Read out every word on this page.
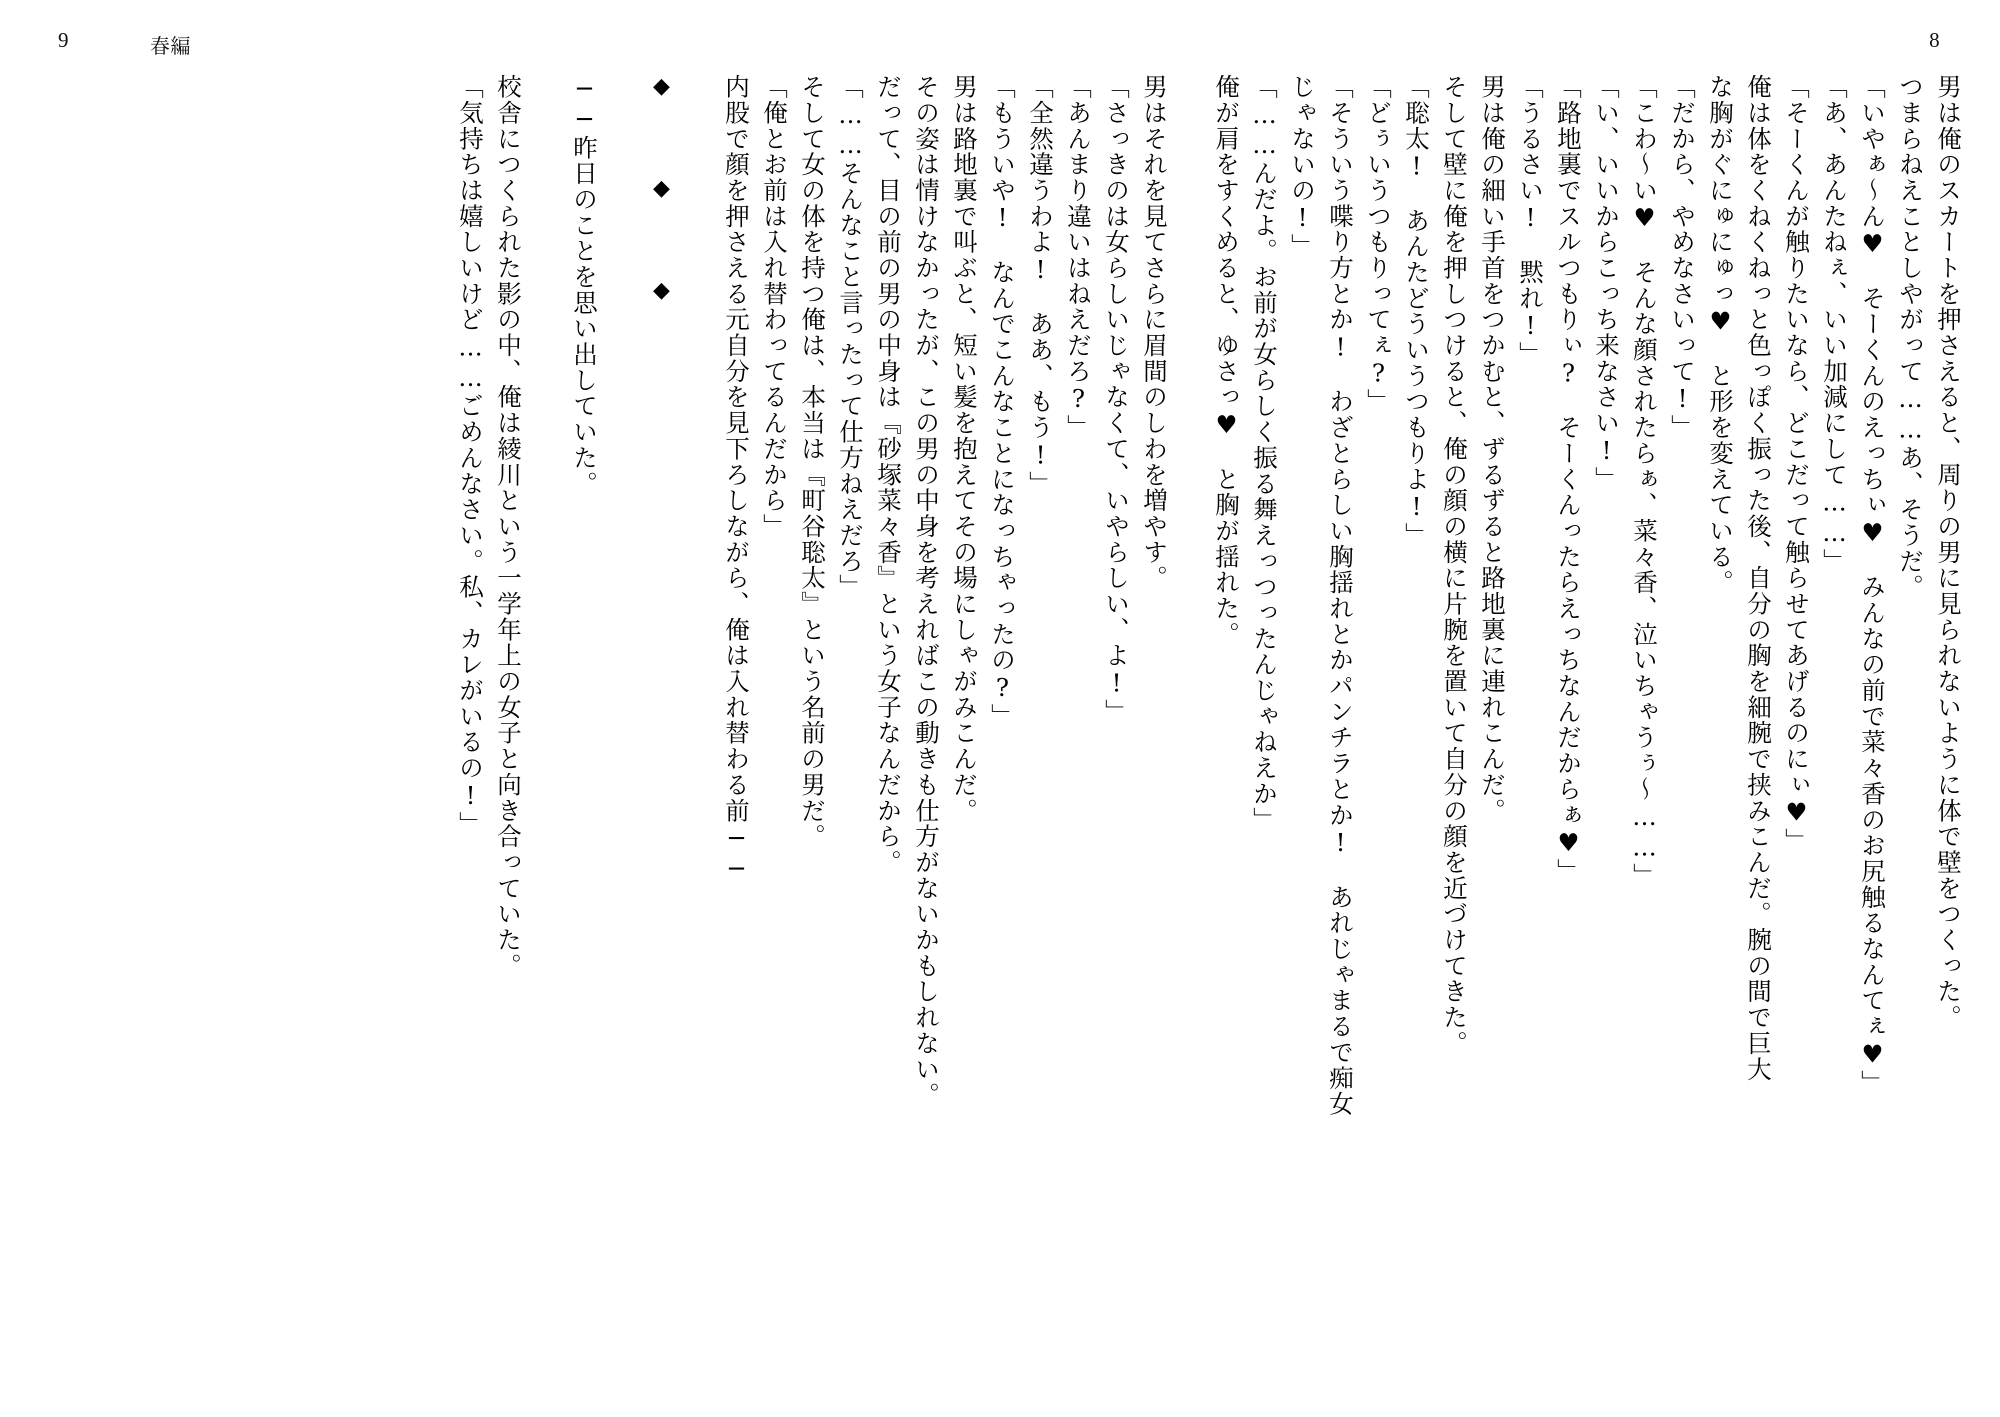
8
9	春編
男は俺のスカートを押さえると、周りの男に見られないように体で壁をつくった。
つまらねえことしやがって……あ、そうだ。
「いやぁ～ん♥　そーくんのえっちぃ♥　みんなの前で菜々香のお尻触るなんてぇ♥」
「あ、あんたねぇ、いい加減にして……」
「そーくんが触りたいなら、どこだって触らせてあげるのにぃ♥」
俺は体をくねくねっと色っぽく振った後、自分の胸を細腕で挟みこんだ。腕の間で巨大
な胸がぐにゅにゅっ♥　と形を変えている。
「だから、やめなさいって!」
「こわ～い♥　そんな顔されたらぁ、菜々香、泣いちゃうぅ～……」
「い、いいからこっち来なさい!」
「路地裏でスルつもりぃ?　そーくんったらえっちなんだからぁ♥」
「うるさい!　黙れ!」
男は俺の細い手首をつかむと、ずるずると路地裏に連れこんだ。
そして壁に俺を押しつけると、俺の顔の横に片腕を置いて自分の顔を近づけてきた。
「聡太!　あんたどういうつもりよ!」
「どぅいうつもりってぇ?」
「そういう喋り方とか!　わざとらしい胸揺れとかパンチラとか!　あれじゃまるで痴女
じゃないの!」
「……んだよ。お前が女らしく振る舞えっつったんじゃねえか」
俺が肩をすくめると、ゆさっ♥　と胸が揺れた。
男はそれを見てさらに眉間のしわを増やす。
「さっきのは女らしいじゃなくて、いやらしい、よ!」
「あんまり違いはねえだろ?」
「全然違うわよ!　ああ、もう!」
「もういや!　なんでこんなことになっちゃったの?」
男は路地裏で叫ぶと、短い髪を抱えてその場にしゃがみこんだ。
その姿は情けなかったが、この男の中身を考えればこの動きも仕方がないかもしれない。
だって、目の前の男の中身は『砂塚菜々香』という女子なんだから。
「……そんなこと言ったって仕方ねえだろ」
そして女の体を持つ俺は、本当は『町谷聡太』という名前の男だ。
「俺とお前は入れ替わってるんだから」
内股で顔を押さえる元自分を見下ろしながら、俺は入れ替わる前──
◆　　◆　　◆
──昨日のことを思い出していた。
校舎につくられた影の中、俺は綾川という一学年上の女子と向き合っていた。
「気持ちは嬉しいけど……ごめんなさい。私、カレがいるの!」
